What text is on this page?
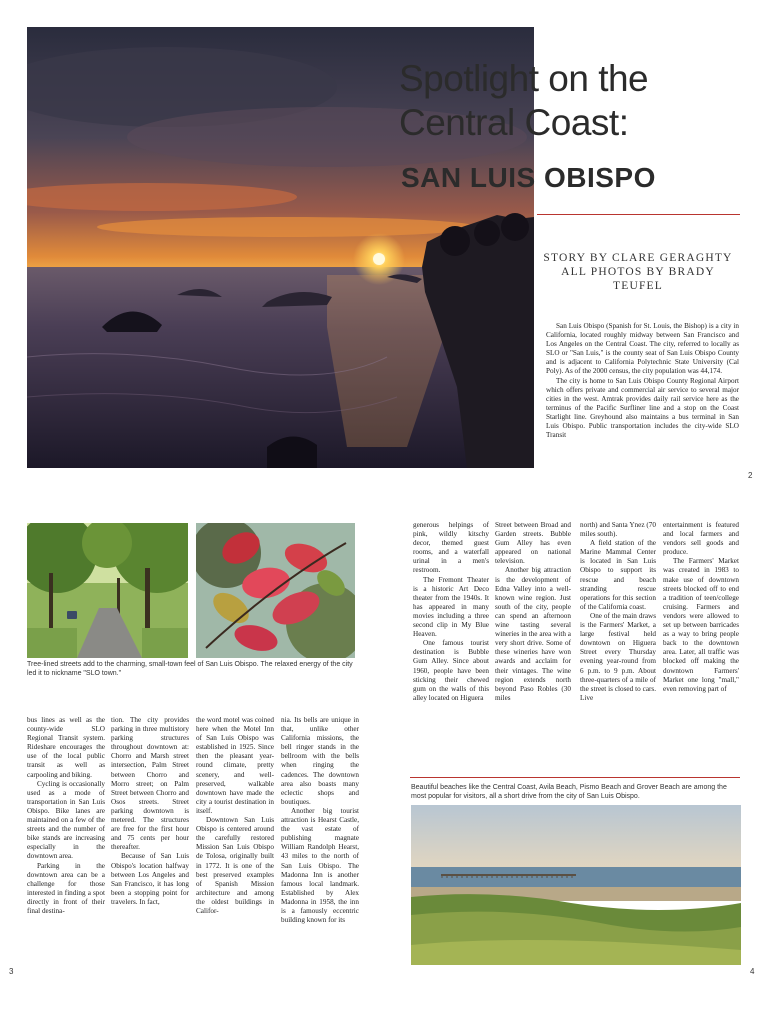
Spotlight on the
Central Coast:
SAN LUIS OBISPO
STORY BY CLARE GERAGHTY
ALL PHOTOS BY BRADY TEUFEL

San Luis Obispo (Spanish for St. Louis, the Bishop) is a city in California, located roughly midway between San Francisco and Los Angeles on the Central Coast. The city, referred to locally as SLO or "San Luis," is the county seat of San Luis Obispo County and is adjacent to California Polytechnic State University (Cal Poly). As of the 2000 census, the city population was 44,174.

The city is home to San Luis Obispo County Regional Airport which offers private and commercial air service to several major cities in the west. Amtrak provides daily rail service here as the terminus of the Pacific Surfliner line and a stop on the Coast Starlight line. Greyhound also maintains a bus terminal in San Luis Obispo. Public transportation includes the city-wide SLO Transit

2
Tree-lined streets add to the charming, small-town feel of San Luis Obispo. The relaxed energy of the city led it to nickname "SLO town."

bus lines as well as the county-wide SLO Regional Transit system. Rideshare encourages the use of the local public transit as well as carpooling and biking.

Cycling is occasionally used as a mode of transportation in San Luis Obispo. Bike lanes are maintained on a few of the streets and the number of bike stands are increasing especially in the downtown area.

Parking in the downtown area can be a challenge for those interested in finding a spot directly in front of their final destina-

tion. The city provides parking in three multistory parking structures throughout downtown at: Chorro and Marsh street intersection, Palm Street between Chorro and Morro street; on Palm Street between Chorro and Osos streets. Street parking downtown is metered. The structures are free for the first hour and 75 cents per hour thereafter.

Because of San Luis Obispo's location halfway between Los Angeles and San Francisco, it has long been a stopping point for travelers. In fact,

the word motel was coined here when the Motel Inn of San Luis Obispo was established in 1925. Since then the pleasant year-round climate, pretty scenery, and well-preserved, walkable downtown have made the city a tourist destination in itself.

Downtown San Luis Obispo is centered around the carefully restored Mission San Luis Obispo de Tolosa, originally built in 1772. It is one of the best preserved examples of Spanish Mission architecture and among the oldest buildings in Califor-

nia. Its bells are unique in that, unlike other California missions, the bell ringer stands in the bellroom with the bells when ringing the cadences. The downtown area also boasts many eclectic shops and boutiques.

Another big tourist attraction is Hearst Castle, the vast estate of publishing magnate William Randolph Hearst, 43 miles to the north of San Luis Obispo. The Madonna Inn is another famous local landmark. Established by Alex Madonna in 1958, the inn is a famously eccentric building known for its

generous helpings of pink, wildly kitschy decor, themed guest rooms, and a waterfall urinal in a men's restroom.

The Fremont Theater is a historic Art Deco theater from the 1940s. It has appeared in many movies including a three second clip in My Blue Heaven.

One famous tourist destination is Bubble Gum Alley. Since about 1960, people have been sticking their chewed gum on the walls of this alley located on Higuera

Street between Broad and Garden streets. Bubble Gum Alley has even appeared on national television.

Another big attraction is the development of Edna Valley into a well-known wine region. Just south of the city, people can spend an afternoon wine tasting several wineries in the area with a very short drive. Some of these wineries have won awards and acclaim for their vintages. The wine region extends north beyond Paso Robles (30 miles

north) and Santa Ynez (70 miles south).

A field station of the Marine Mammal Center is located in San Luis Obispo to support its rescue and beach stranding rescue operations for this section of the California coast.

One of the main draws is the Farmers' Market, a large festival held downtown on Higuera Street every Thursday evening year-round from 6 p.m. to 9 p.m. About three-quarters of a mile of the street is closed to cars. Live

entertainment is featured and local farmers and vendors sell goods and produce.

The Farmers' Market was created in 1983 to make use of downtown streets blocked off to end a tradition of teen/college cruising. Farmers and vendors were allowed to set up between barricades as a way to bring people back to the downtown area. Later, all traffic was blocked off making the downtown Farmers' Market one long "mall," even removing part of

Beautiful beaches like the Central Coast, Avila Beach, Pismo Beach and Grover Beach are among the most popular for visitors, all a short drive from the city of San Luis Obispo.
3	4
